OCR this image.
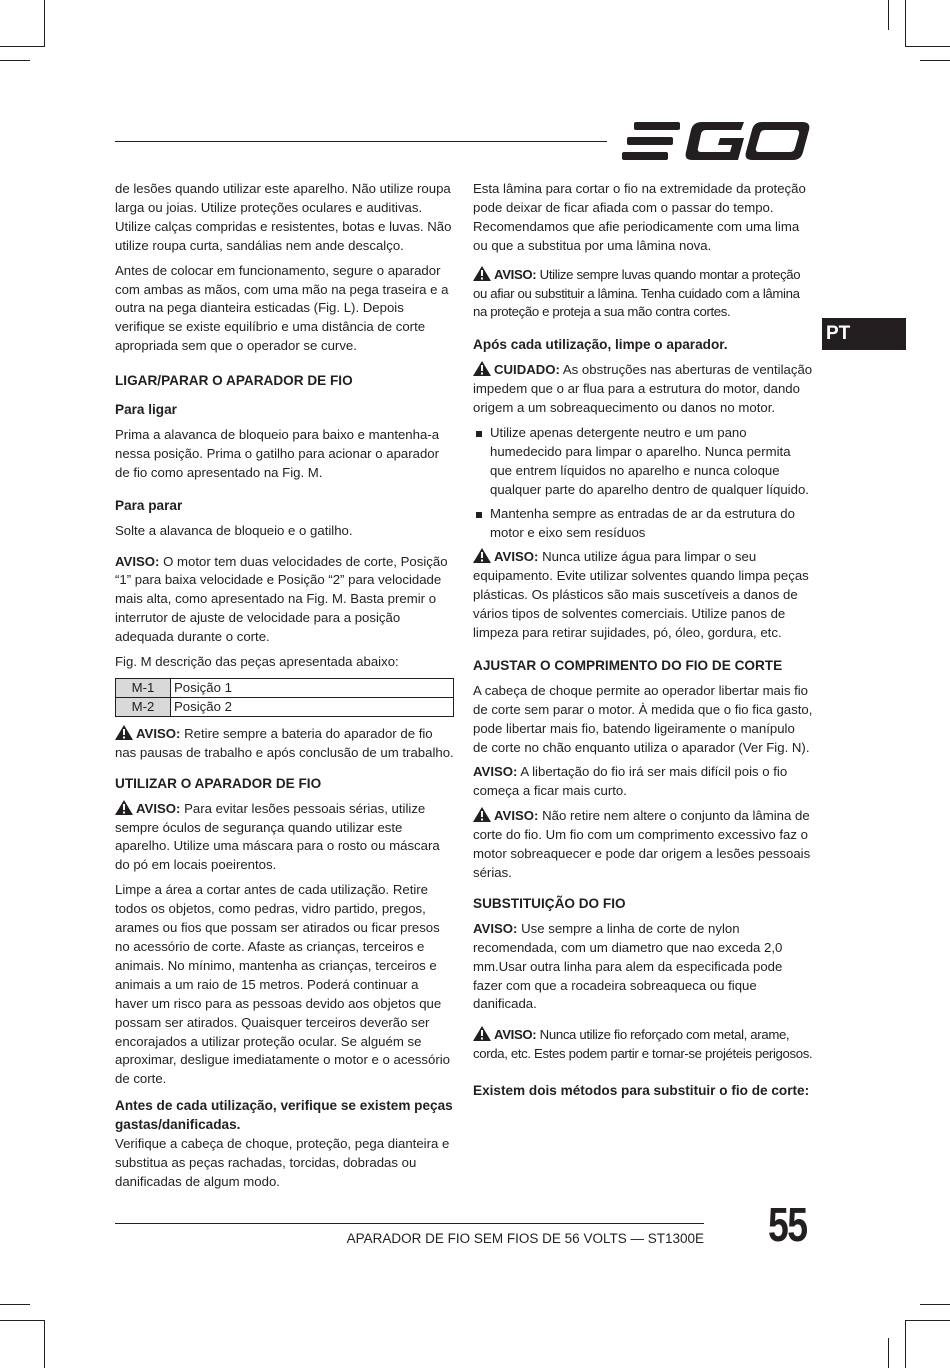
PT

de lesões quando utilizar este aparelho. Não utilize roupa larga ou joias. Utilize proteções oculares e auditivas. Utilize calças compridas e resistentes, botas e luvas. Não utilize roupa curta, sandálias nem ande descalço.

Antes de colocar em funcionamento, segure o aparador com ambas as mãos, com uma mão na pega traseira e a outra na pega dianteira esticadas (Fig. L). Depois verifique se existe equilíbrio e uma distância de corte apropriada sem que o operador se curve.

LIGAR/PARAR O APARADOR DE FIO
Para ligar

Prima a alavanca de bloqueio para baixo e mantenha-a nessa posição. Prima o gatilho para acionar o aparador de fio como apresentado na Fig. M.

Para parar

Solte a alavanca de bloqueio e o gatilho.

AVISO: O motor tem duas velocidades de corte, Posição “1” para baixa velocidade e Posição “2” para velocidade mais alta, como apresentado na Fig. M. Basta premir o interrutor de ajuste de velocidade para a posição adequada durante o corte.

Fig. M descrição das peças apresentada abaixo:

M-1	Posição 1
M-2	Posição 2

AVISO: Retire sempre a bateria do aparador de fio nas pausas de trabalho e após conclusão de um trabalho.

UTILIZAR O APARADOR DE FIO

AVISO: Para evitar lesões pessoais sérias, utilize sempre óculos de segurança quando utilizar este aparelho. Utilize uma máscara para o rosto ou máscara do pó em locais poeirentos.

Limpe a área a cortar antes de cada utilização. Retire todos os objetos, como pedras, vidro partido, pregos, arames ou fios que possam ser atirados ou ficar presos no acessório de corte. Afaste as crianças, terceiros e animais. No mínimo, mantenha as crianças, terceiros e animais a um raio de 15 metros. Poderá continuar a haver um risco para as pessoas devido aos objetos que possam ser atirados. Quaisquer terceiros deverão ser encorajados a utilizar proteção ocular. Se alguém se aproximar, desligue imediatamente o motor e o acessório de corte.

Antes de cada utilização, verifique se existem peças gastas/danificadas.

Verifique a cabeça de choque, proteção, pega dianteira e substitua as peças rachadas, torcidas, dobradas ou danificadas de algum modo.

Esta lâmina para cortar o fio na extremidade da proteção pode deixar de ficar afiada com o passar do tempo. Recomendamos que afie periodicamente com uma lima ou que a substitua por uma lâmina nova.

AVISO: Utilize sempre luvas quando montar a proteção ou afiar ou substituir a lâmina. Tenha cuidado com a lâmina na proteção e proteja a sua mão contra cortes.

Após cada utilização, limpe o aparador.

CUIDADO: As obstruções nas aberturas de ventilação impedem que o ar flua para a estrutura do motor, dando origem a um sobreaquecimento ou danos no motor.

Utilize apenas detergente neutro e um pano humedecido para limpar o aparelho. Nunca permita que entrem líquidos no aparelho e nunca coloque qualquer parte do aparelho dentro de qualquer líquido.
Mantenha sempre as entradas de ar da estrutura do motor e eixo sem resíduos

AVISO: Nunca utilize água para limpar o seu equipamento. Evite utilizar solventes quando limpa peças plásticas. Os plásticos são mais suscetíveis a danos de vários tipos de solventes comerciais. Utilize panos de limpeza para retirar sujidades, pó, óleo, gordura, etc.

AJUSTAR O COMPRIMENTO DO FIO DE CORTE

A cabeça de choque permite ao operador libertar mais fio de corte sem parar o motor. À medida que o fio fica gasto, pode libertar mais fio, batendo ligeiramente o manípulo de corte no chão enquanto utiliza o aparador (Ver Fig. N).

AVISO: A libertação do fio irá ser mais difícil pois o fio começa a ficar mais curto.

AVISO: Não retire nem altere o conjunto da lâmina de corte do fio. Um fio com um comprimento excessivo faz o motor sobreaquecer e pode dar origem a lesões pessoais sérias.

SUBSTITUIÇÃO DO FIO

AVISO: Use sempre a linha de corte de nylon recomendada, com um diametro que nao exceda 2,0 mm.Usar outra linha para alem da especificada pode fazer com que a rocadeira sobreaqueca ou fique danificada.

AVISO: Nunca utilize fio reforçado com metal, arame, corda, etc. Estes podem partir e tornar-se projéteis perigosos.

Existem dois métodos para substituir o fio de corte:
APARADOR DE FIO SEM FIOS DE 56 VOLTS — ST1300E 55
